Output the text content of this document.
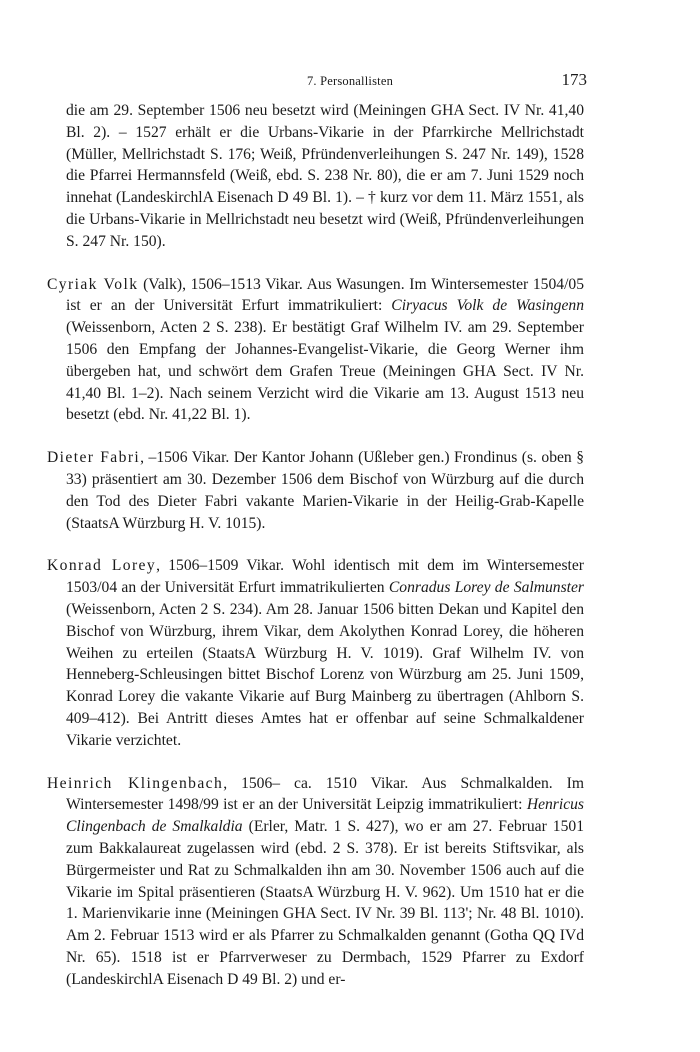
7. Personallisten	173

die am 29. September 1506 neu besetzt wird (Meiningen GHA Sect. IV Nr. 41,40 Bl. 2). – 1527 erhält er die Urbans-Vikarie in der Pfarrkirche Mellrichstadt (Müller, Mellrichstadt S. 176; Weiß, Pfründenverleihungen S. 247 Nr. 149), 1528 die Pfarrei Hermannsfeld (Weiß, ebd. S. 238 Nr. 80), die er am 7. Juni 1529 noch innehat (LandeskirchlA Eisenach D 49 Bl. 1). – † kurz vor dem 11. März 1551, als die Urbans-Vikarie in Mellrichstadt neu besetzt wird (Weiß, Pfründenverleihungen S. 247 Nr. 150).

Cyriak Volk (Valk), 1506–1513 Vikar. Aus Wasungen. Im Wintersemester 1504/05 ist er an der Universität Erfurt immatrikuliert: Ciryacus Volk de Wasingenn (Weissenborn, Acten 2 S. 238). Er bestätigt Graf Wilhelm IV. am 29. September 1506 den Empfang der Johannes-Evangelist-Vikarie, die Georg Werner ihm übergeben hat, und schwört dem Grafen Treue (Meiningen GHA Sect. IV Nr. 41,40 Bl. 1–2). Nach seinem Verzicht wird die Vikarie am 13. August 1513 neu besetzt (ebd. Nr. 41,22 Bl. 1).

Dieter Fabri, –1506 Vikar. Der Kantor Johann (Ußleber gen.) Frondinus (s. oben § 33) präsentiert am 30. Dezember 1506 dem Bischof von Würzburg auf die durch den Tod des Dieter Fabri vakante Marien-Vikarie in der Heilig-Grab-Kapelle (StaatsA Würzburg H. V. 1015).

Konrad Lorey, 1506–1509 Vikar. Wohl identisch mit dem im Wintersemester 1503/04 an der Universität Erfurt immatrikulierten Conradus Lorey de Salmunster (Weissenborn, Acten 2 S. 234). Am 28. Januar 1506 bitten Dekan und Kapitel den Bischof von Würzburg, ihrem Vikar, dem Akolythen Konrad Lorey, die höheren Weihen zu erteilen (StaatsA Würzburg H. V. 1019). Graf Wilhelm IV. von Henneberg-Schleusingen bittet Bischof Lorenz von Würzburg am 25. Juni 1509, Konrad Lorey die vakante Vikarie auf Burg Mainberg zu übertragen (Ahlborn S. 409–412). Bei Antritt dieses Amtes hat er offenbar auf seine Schmalkaldener Vikarie verzichtet.

Heinrich Klingenbach, 1506– ca. 1510 Vikar. Aus Schmalkalden. Im Wintersemester 1498/99 ist er an der Universität Leipzig immatrikuliert: Henricus Clingenbach de Smalkaldia (Erler, Matr. 1 S. 427), wo er am 27. Februar 1501 zum Bakkalaureat zugelassen wird (ebd. 2 S. 378). Er ist bereits Stiftsvikar, als Bürgermeister und Rat zu Schmalkalden ihn am 30. November 1506 auch auf die Vikarie im Spital präsentieren (StaatsA Würzburg H. V. 962). Um 1510 hat er die 1. Marienvikarie inne (Meiningen GHA Sect. IV Nr. 39 Bl. 113'; Nr. 48 Bl. 1010). Am 2. Februar 1513 wird er als Pfarrer zu Schmalkalden genannt (Gotha QQ IVd Nr. 65). 1518 ist er Pfarrverweser zu Dermbach, 1529 Pfarrer zu Exdorf (LandeskirchlA Eisenach D 49 Bl. 2) und er-
